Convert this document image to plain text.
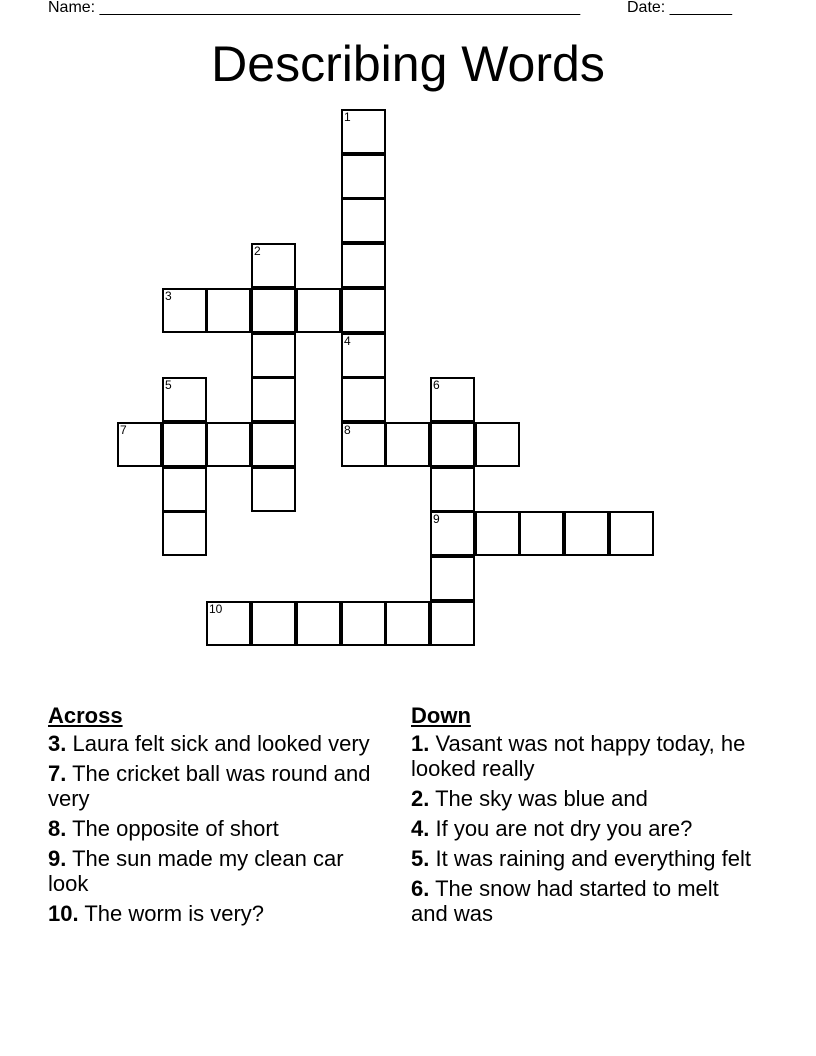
Name: ______________________________________________________	Date: _______
Describing Words
1
2
3
4
5	6
7	8
9
10
Across
3. Laura felt sick and looked very
7. The cricket ball was round and very
8. The opposite of short
9. The sun made my clean car look
10. The worm is very?
Down
1. Vasant was not happy today, he looked really
2. The sky was blue and
4. If you are not dry you are?
5. It was raining and everything felt
6. The snow had started to melt and was
